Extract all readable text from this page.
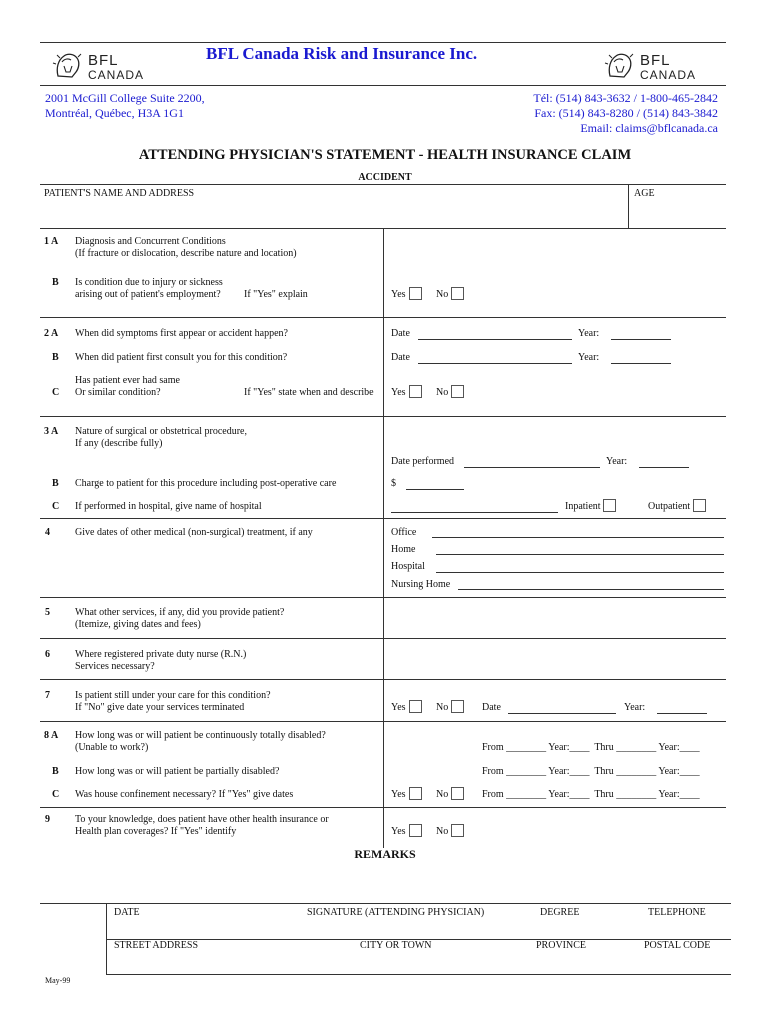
BFL
CANADA
BFL Canada Risk and Insurance Inc.	BFL
CANADA
2001 McGill College Suite 2200,
Montréal, Québec, H3A 1G1
Tél: (514) 843-3632 / 1-800-465-2842
Fax: (514) 843-8280 / (514) 843-3842
Email: claims@bflcanada.ca
ATTENDING PHYSICIAN'S STATEMENT - HEALTH INSURANCE CLAIM
ACCIDENT
PATIENT'S NAME AND ADDRESS	AGE
1 A Diagnosis and Concurrent Conditions
(If fracture or dislocation, describe nature and location)
B Is condition due to injury or sickness
arising out of patient's employment? If "Yes" explain	Yes	No
2 A When did symptoms first appear or accident happen?	Date	Year:
B When did patient first consult you for this condition?	Date	Year:
Has patient ever had same
C Or similar condition?	If "Yes" state when and describe Yes	No
3 A Nature of surgical or obstetrical procedure,
If any (describe fully)
Date performed	Year:
B Charge to patient for this procedure including post-operative care	$
C If performed in hospital, give name of hospital	Inpatient	Outpatient
4	Give dates of other medical (non-surgical) treatment, if any	Office
Home
Hospital
Nursing Home
5	What other services, if any, did you provide patient?
(Itemize, giving dates and fees)
6	Where registered private duty nurse (R.N.)
Services necessary?
7	Is patient still under your care for this condition?
If "No" give date your services terminated	Yes	No	Date	Year:
8 A How long was or will patient be continuously totally disabled?
(Unable to work?)	From ________ Year:____  Thru ________ Year:____
B How long was or will patient be partially disabled?	From ________ Year:____  Thru ________ Year:____
C Was house confinement necessary? If "Yes" give dates	Yes	No	From ________ Year:____  Thru ________ Year:____
9	To your knowledge, does patient have other health insurance or
Health plan coverages? If "Yes" identify	Yes	No
REMARKS
DATE	SIGNATURE (ATTENDING PHYSICIAN)	DEGREE	TELEPHONE
STREET ADDRESS	CITY OR TOWN	PROVINCE	POSTAL CODE
May-99
